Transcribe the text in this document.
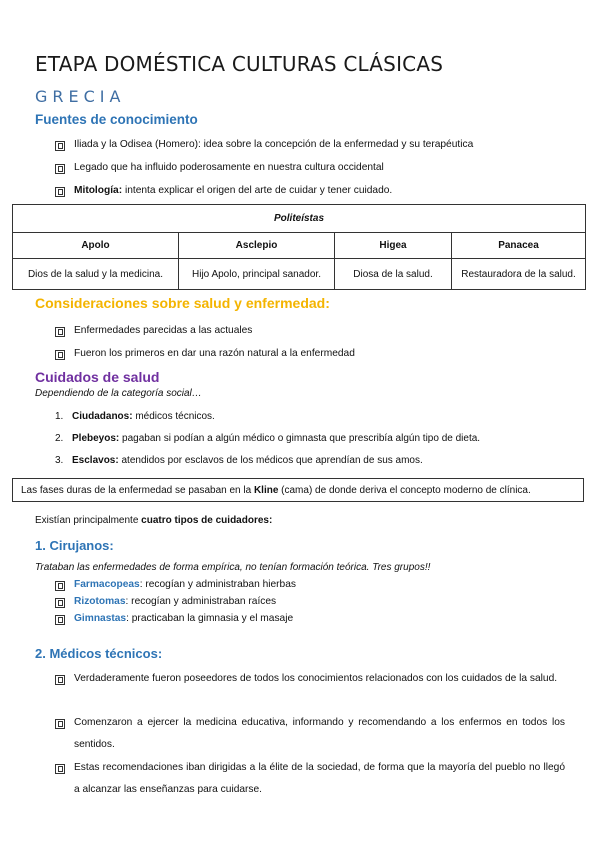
ETAPA DOMÉSTICA CULTURAS CLÁSICAS
GRECIA
Fuentes de conocimiento
Iliada y la Odisea (Homero): idea sobre la concepción de la enfermedad y su terapéutica
Legado que ha influido poderosamente en nuestra cultura occidental
Mitología: intenta explicar el origen del arte de cuidar y tener cuidado.
Politeístas			
Apolo	Asclepio	Higea	Panacea
Dios de la salud y la medicina.	Hijo Apolo, principal sanador.	Diosa de la salud.	Restauradora de la salud.
Consideraciones sobre salud y enfermedad:
Enfermedades parecidas a las actuales
Fueron los primeros en dar una razón natural a la enfermedad
Cuidados de salud
Dependiendo de la categoría social…
1. Ciudadanos: médicos técnicos.
2. Plebeyos: pagaban si podían a algún médico o gimnasta que prescribía algún tipo de dieta.
3. Esclavos: atendidos por esclavos de los médicos que aprendían de sus amos.
Las fases duras de la enfermedad se pasaban en la Kline (cama) de donde deriva el concepto moderno de clínica.
Existían principalmente cuatro tipos de cuidadores:
1. Cirujanos:
Trataban las enfermedades de forma empírica, no tenían formación teórica. Tres grupos!!
Farmacopeas: recogían y administraban hierbas
Rizotomas: recogían y administraban raíces
Gimnastas: practicaban la gimnasia y el masaje
2. Médicos técnicos:
Verdaderamente fueron poseedores de todos los conocimientos relacionados con los cuidados de la salud.
Comenzaron a ejercer la medicina educativa, informando y recomendando a los enfermos en todos los sentidos.
Estas recomendaciones iban dirigidas a la élite de la sociedad, de forma que la mayoría del pueblo no llegó a alcanzar las enseñanzas para cuidarse.
